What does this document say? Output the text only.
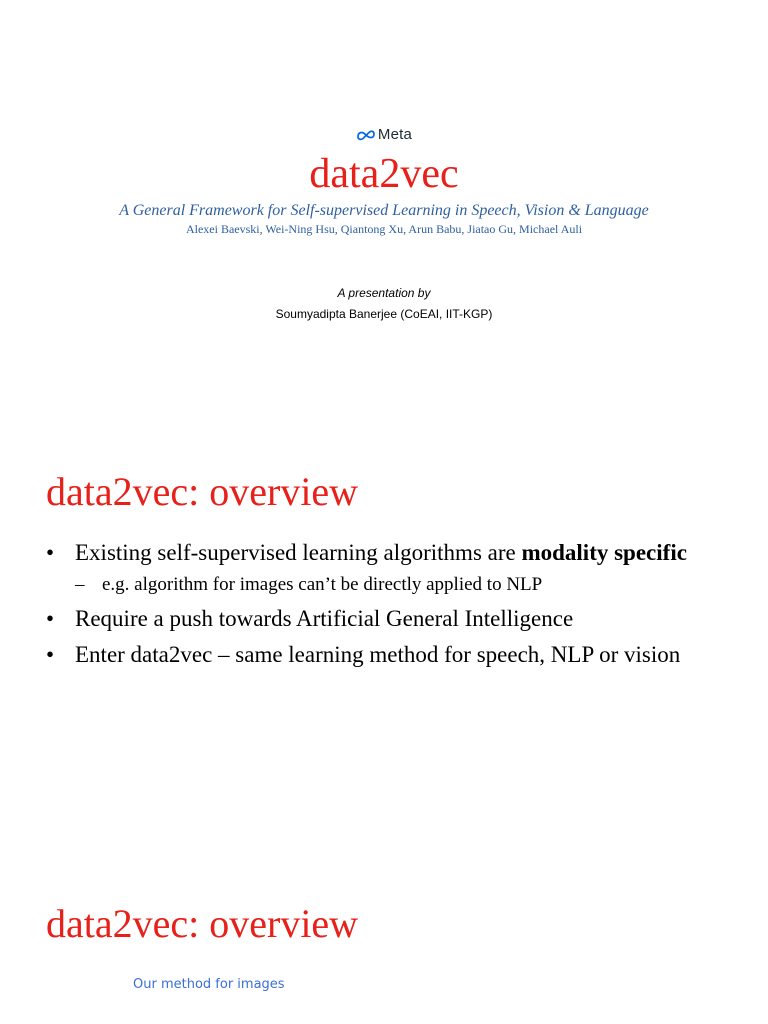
Meta
data2vec
A General Framework for Self-supervised Learning in Speech, Vision & Language
Alexei Baevski, Wei-Ning Hsu, Qiantong Xu, Arun Babu, Jiatao Gu, Michael Auli
A presentation by
Soumyadipta Banerjee (CoEAI, IIT-KGP)
data2vec: overview
• Existing self-supervised learning algorithms are modality specific
– e.g. algorithm for images can’t be directly applied to NLP
• Require a push towards Artificial General Intelligence
• Enter data2vec – same learning method for speech, NLP or vision
data2vec: overview
Our method for images
